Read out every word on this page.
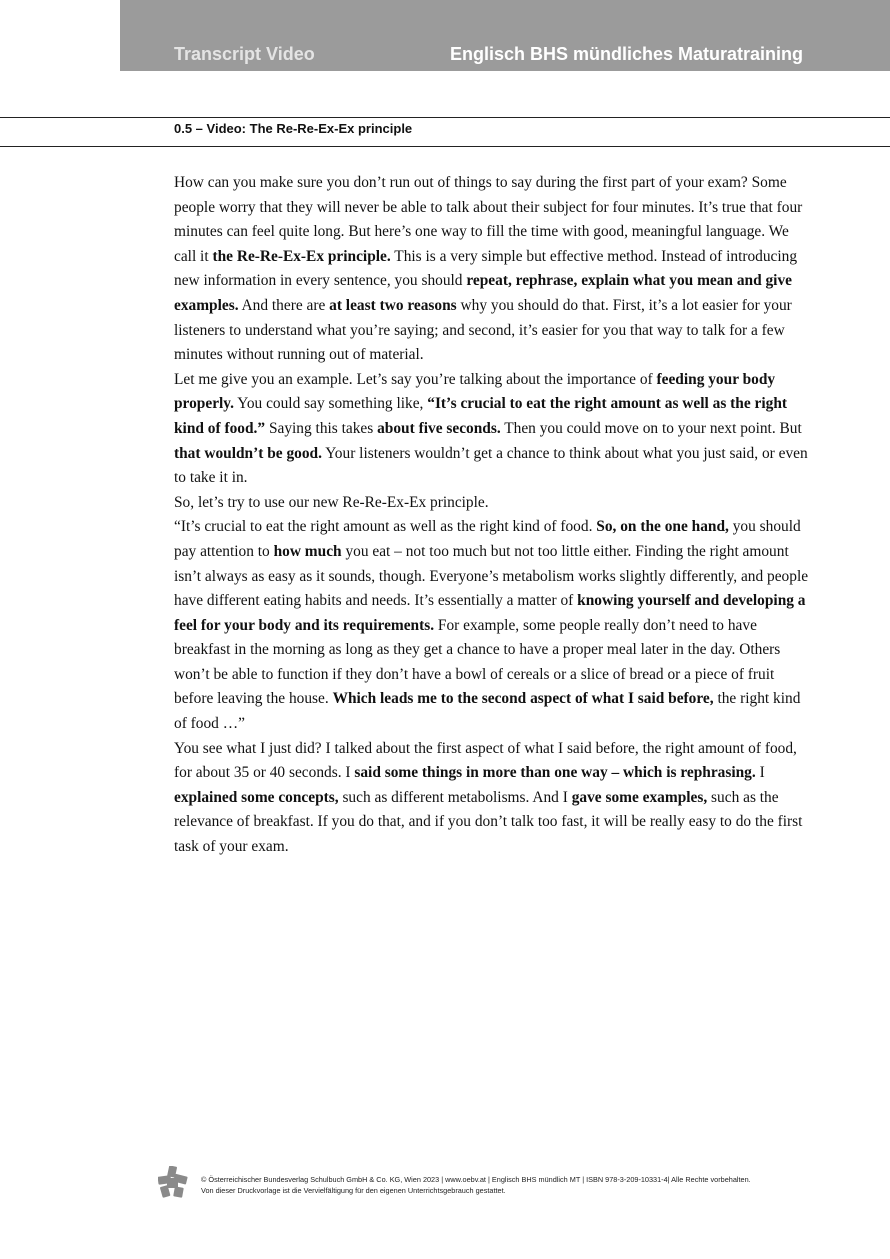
Transcript Video	Englisch BHS mündliches Maturatraining
0.5 – Video: The Re-Re-Ex-Ex principle

How can you make sure you don’t run out of things to say during the first part of your exam? Some people worry that they will never be able to talk about their subject for four minutes. It’s true that four minutes can feel quite long. But here’s one way to fill the time with good, meaningful language. We call it the Re-Re-Ex-Ex principle. This is a very simple but effective method. Instead of introducing new information in every sentence, you should repeat, rephrase, explain what you mean and give examples. And there are at least two reasons why you should do that. First, it’s a lot easier for your listeners to understand what you’re saying; and second, it’s easier for you that way to talk for a few minutes without running out of material.

Let me give you an example. Let’s say you’re talking about the importance of feeding your body properly. You could say something like, “It’s crucial to eat the right amount as well as the right kind of food.” Saying this takes about five seconds. Then you could move on to your next point. But that wouldn’t be good. Your listeners wouldn’t get a chance to think about what you just said, or even to take it in.

So, let’s try to use our new Re-Re-Ex-Ex principle.

“It’s crucial to eat the right amount as well as the right kind of food. So, on the one hand, you should pay attention to how much you eat – not too much but not too little either. Finding the right amount isn’t always as easy as it sounds, though. Everyone’s metabolism works slightly differently, and people have different eating habits and needs. It’s essentially a matter of knowing yourself and developing a feel for your body and its requirements. For example, some people really don’t need to have breakfast in the morning as long as they get a chance to have a proper meal later in the day. Others won’t be able to function if they don’t have a bowl of cereals or a slice of bread or a piece of fruit before leaving the house. Which leads me to the second aspect of what I said before, the right kind of food …”

You see what I just did? I talked about the first aspect of what I said before, the right amount of food, for about 35 or 40 seconds. I said some things in more than one way – which is rephrasing. I explained some concepts, such as different metabolisms. And I gave some examples, such as the relevance of breakfast. If you do that, and if you don’t talk too fast, it will be really easy to do the first task of your exam.

© Österreichischer Bundesverlag Schulbuch GmbH & Co. KG, Wien 2023 | www.oebv.at | Englisch BHS mündlich MT | ISBN 978-3-209-10331-4| Alle Rechte vorbehalten.
Von dieser Druckvorlage ist die Vervielfältigung für den eigenen Unterrichtsgebrauch gestattet.
